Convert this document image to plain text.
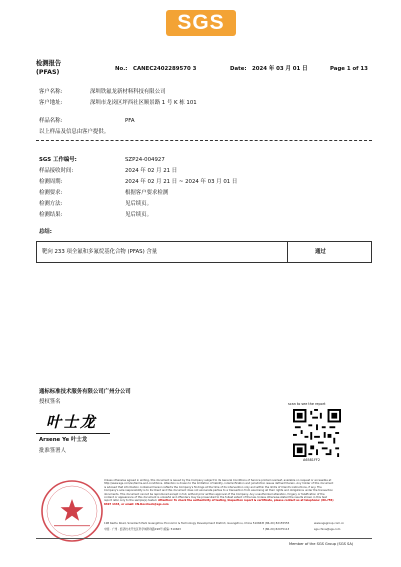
SGS
检测报告
(PFAS)	No.: CANEC2402289570 3	Date: 2024 年 03 月 01 日	Page 1 of 13
客户名称:	深圳铁氟龙新材料科技有限公司
客户地址:	深圳市龙岗区坪西社区顺景路 1 号 K 栋 101
样品名称:	PFA
以上样品及信息由客户提供。
SGS 工作编号:	SZP24-004927
样品接收时间:	2024 年 02 月 21 日
检测周期:	2024 年 02 月 21 日 ~ 2024 年 03 月 01 日
检测要求:	根据客户要求检测
检测方法:	见后续页。
检测结果:	见后续页。
总结:
靶向 233 项全氟和多氟烷基化合物 (PFAS) 含量	通过
通标标准技术服务有限公司广州分公司
授权签名
叶士龙
Arsene Ye 叶士龙
批准签署人
scan to see the report
A6581FF2
Unless otherwise agreed in writing, this document is issued by the Company subject to its General Conditions of Service printed overleaf, available on request or accessible at http://www.sgs.com/en/terms-and-conditions. Attention is drawn to the limitation of liability, indemnification and jurisdiction issues defined therein. Any holder of this document is advised that information contained hereon reflects the Company's findings at the time of its intervention only and within the limits of Client's instructions, if any. The Company's sole responsibility is to its Client and this document does not exonerate parties to a transaction from exercising all their rights and obligations under the transaction documents. This document cannot be reproduced except in full, without prior written approval of the Company. Any unauthorized alteration, forgery or falsification of the content or appearance of this document is unlawful and offenders may be prosecuted to the fullest extent of the law. Unless otherwise stated the results shown in this test report refer only to the sample(s) tested. Attention: To check the authenticity of testing /inspection report & certificate, please contact us at telephone: (86-755) 8307 1443, or email: CN.Doccheck@sgs.com
198 Kezhu Road, Scientech Park Guangzhou Economic & Technology Development District, Guangzhou, China 510663
中国 · 广州 · 经济技术开发区科学城科珠路198号 邮编: 510663
t (86-20) 82155555
f (86-20) 82075113
www.sgsgroup.com.cn
sgs.china@sgs.com
Member of the SGS Group (SGS SA)
